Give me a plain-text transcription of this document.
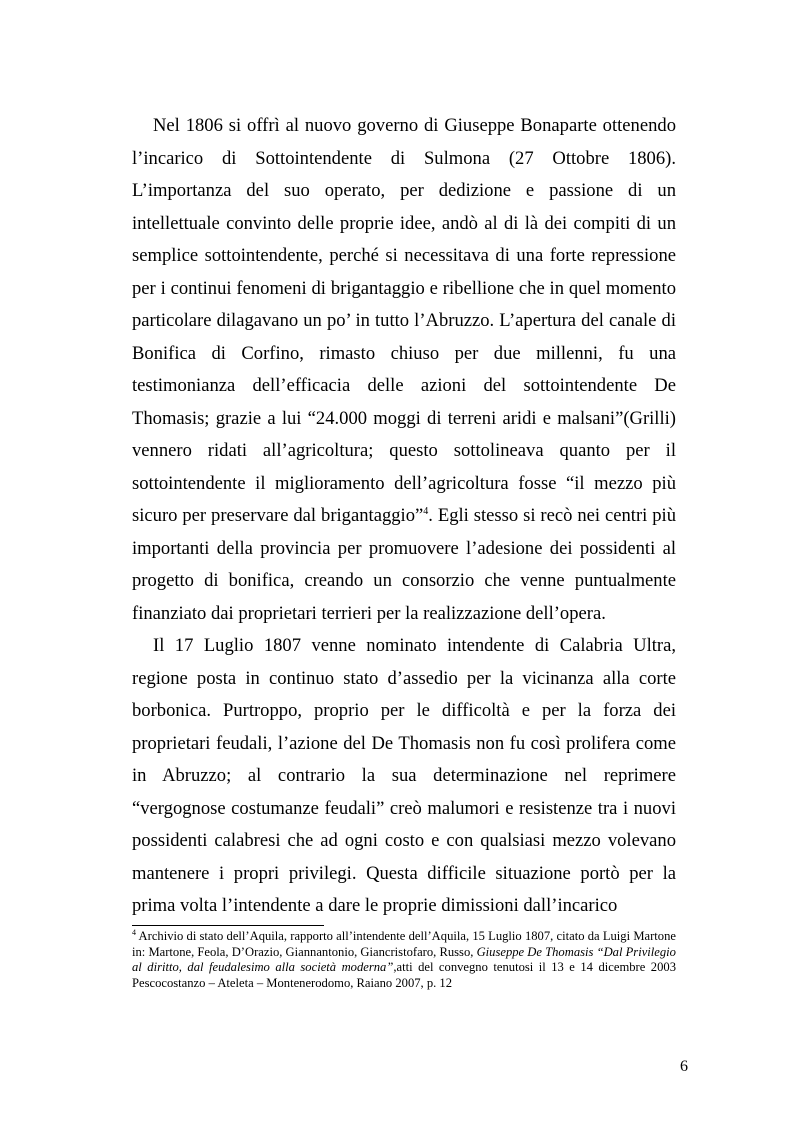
Nel 1806 si offrì al nuovo governo di Giuseppe Bonaparte ottenendo l’incarico di Sottointendente di Sulmona (27 Ottobre 1806). L’importanza del suo operato, per dedizione e passione di un intellettuale convinto delle proprie idee, andò al di là dei compiti di un semplice sottointendente, perché si necessitava di una forte repressione per i continui fenomeni di brigantaggio e ribellione che in quel momento particolare dilagavano un po’ in tutto l’Abruzzo. L’apertura del canale di Bonifica di Corfino, rimasto chiuso per due millenni, fu una testimonianza dell’efficacia delle azioni del sottointendente De Thomasis; grazie a lui “24.000 moggi di terreni aridi e malsani”(Grilli) vennero ridati all’agricoltura; questo sottolineava quanto per il sottointendente il miglioramento dell’agricoltura fosse “il mezzo più sicuro per preservare dal brigantaggio”$^4$. Egli stesso si recò nei centri più importanti della provincia per promuovere l’adesione dei possidenti al progetto di bonifica, creando un consorzio che venne puntualmente finanziato dai proprietari terrieri per la realizzazione dell’opera.

Il 17 Luglio 1807 venne nominato intendente di Calabria Ultra, regione posta in continuo stato d’assedio per la vicinanza alla corte borbonica. Purtroppo, proprio per le difficoltà e per la forza dei proprietari feudali, l’azione del De Thomasis non fu così prolifera come in Abruzzo; al contrario la sua determinazione nel reprimere “vergognose costumanze feudali” creò malumori e resistenze tra i nuovi possidenti calabresi che ad ogni costo e con qualsiasi mezzo volevano mantenere i propri privilegi. Questa difficile situazione portò per la prima volta l’intendente a dare le proprie dimissioni dall’incarico

$^4$ Archivio di stato dell’Aquila, rapporto all’intendente dell’Aquila, 15 Luglio 1807, citato da Luigi Martone in: Martone, Feola, D’Orazio, Giannantonio, Giancristofaro, Russo, Giuseppe De Thomasis “Dal Privilegio al diritto, dal feudalesimo alla società moderna”,atti del convegno tenutosi il 13 e 14 dicembre 2003 Pescocostanzo – Ateleta – Montenerodomo, Raiano 2007, p. 12

6
